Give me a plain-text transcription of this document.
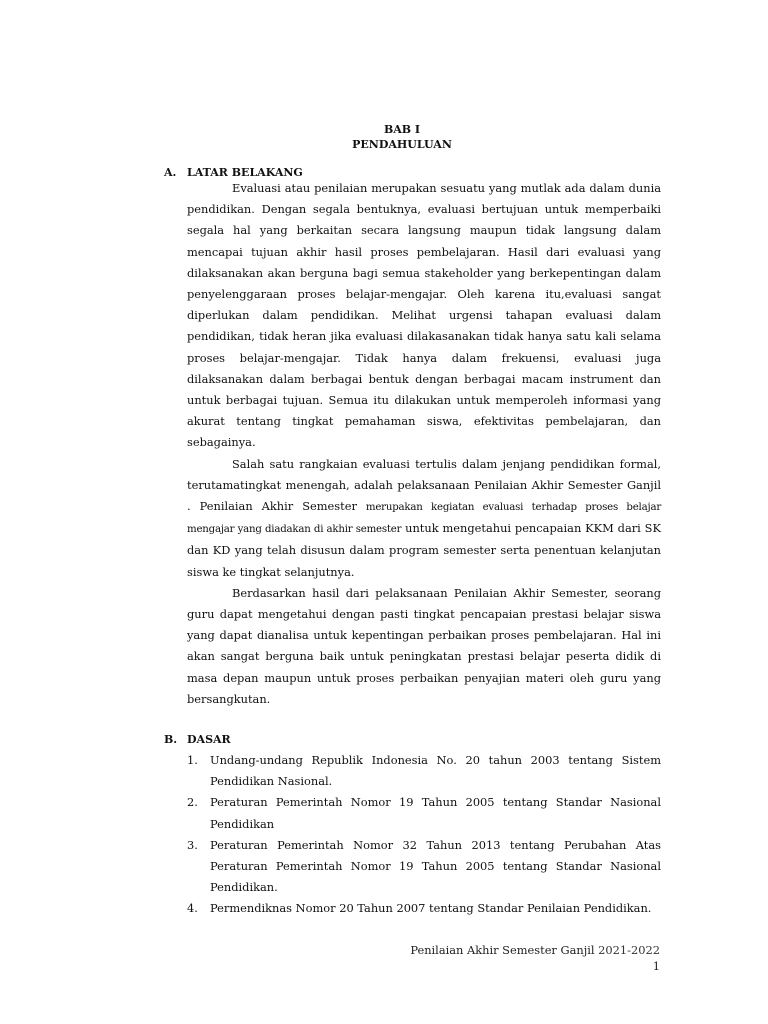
BAB I
PENDAHULUAN
A. LATAR BELAKANG

Evaluasi atau penilaian merupakan sesuatu yang mutlak ada dalam dunia pendidikan. Dengan segala bentuknya, evaluasi bertujuan untuk memperbaiki segala hal yang berkaitan secara langsung maupun tidak langsung dalam mencapai tujuan akhir hasil proses pembelajaran. Hasil dari evaluasi yang dilaksanakan akan berguna bagi semua stakeholder yang berkepentingan dalam penyelenggaraan proses belajar-mengajar. Oleh karena itu,evaluasi sangat diperlukan dalam pendidikan. Melihat urgensi tahapan evaluasi dalam pendidikan, tidak heran jika evaluasi dilakasanakan tidak hanya satu kali selama proses belajar-mengajar. Tidak hanya dalam frekuensi, evaluasi juga dilaksanakan dalam berbagai bentuk dengan berbagai macam instrument dan untuk berbagai tujuan. Semua itu dilakukan untuk memperoleh informasi yang akurat tentang tingkat pemahaman siswa, efektivitas pembelajaran, dan sebagainya.

Salah satu rangkaian evaluasi tertulis dalam jenjang pendidikan formal, terutamatingkat menengah, adalah pelaksanaan Penilaian Akhir Semester Ganjil . Penilaian Akhir Semester merupakan kegiatan evaluasi terhadap proses belajar mengajar yang diadakan di akhir semester untuk mengetahui pencapaian KKM dari SK dan KD yang telah disusun dalam program semester serta penentuan kelanjutan siswa ke tingkat selanjutnya.

Berdasarkan hasil dari pelaksanaan Penilaian Akhir Semester, seorang guru dapat mengetahui dengan pasti tingkat pencapaian prestasi belajar siswa yang dapat dianalisa untuk kepentingan perbaikan proses pembelajaran. Hal ini akan sangat berguna baik untuk peningkatan prestasi belajar peserta didik di masa depan maupun untuk proses perbaikan penyajian materi oleh guru yang bersangkutan.

B. DASAR
1. Undang-undang Republik Indonesia No. 20 tahun 2003 tentang Sistem Pendidikan Nasional.
2. Peraturan Pemerintah Nomor 19 Tahun 2005 tentang Standar Nasional Pendidikan
3. Peraturan Pemerintah Nomor 32 Tahun 2013 tentang Perubahan Atas Peraturan Pemerintah Nomor 19 Tahun 2005 tentang Standar Nasional Pendidikan.
4. Permendiknas Nomor 20 Tahun 2007 tentang Standar Penilaian Pendidikan.
Penilaian Akhir Semester Ganjil 2021-2022
1
